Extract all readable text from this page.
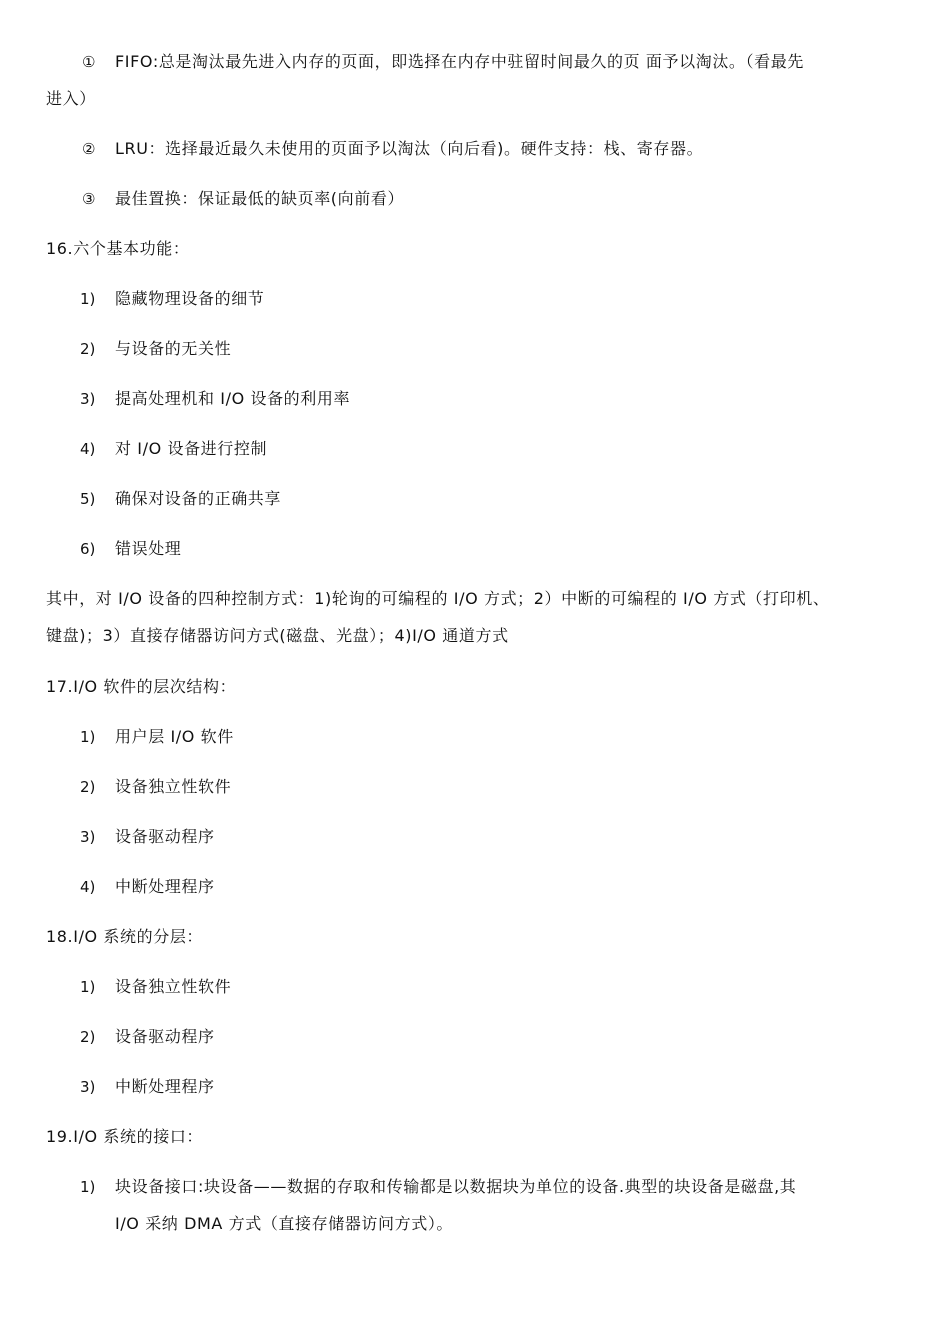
① FIFO:总是淘汰最先进入内存的页面，即选择在内存中驻留时间最久的页 面予以淘汰。（看最先
进入）
② LRU：选择最近最久未使用的页面予以淘汰（向后看)。硬件支持：栈、寄存器。
③ 最佳置换：保证最低的缺页率(向前看）
16.六个基本功能：
1) 隐藏物理设备的细节
2) 与设备的无关性
3) 提高处理机和 I/O 设备的利用率
4) 对 I/O 设备进行控制
5) 确保对设备的正确共享
6) 错误处理
其中，对 I/O 设备的四种控制方式：1)轮询的可编程的 I/O 方式；2）中断的可编程的 I/O 方式（打印机、
键盘)；3）直接存储器访问方式(磁盘、光盘）；4)I/O 通道方式
17.I/O 软件的层次结构：
1) 用户层 I/O 软件
2) 设备独立性软件
3) 设备驱动程序
4) 中断处理程序
18.I/O 系统的分层：
1) 设备独立性软件
2) 设备驱动程序
3) 中断处理程序
19.I/O 系统的接口：
1) 块设备接口:块设备——数据的存取和传输都是以数据块为单位的设备.典型的块设备是磁盘,其
I/O 采纳 DMA 方式（直接存储器访问方式）。
